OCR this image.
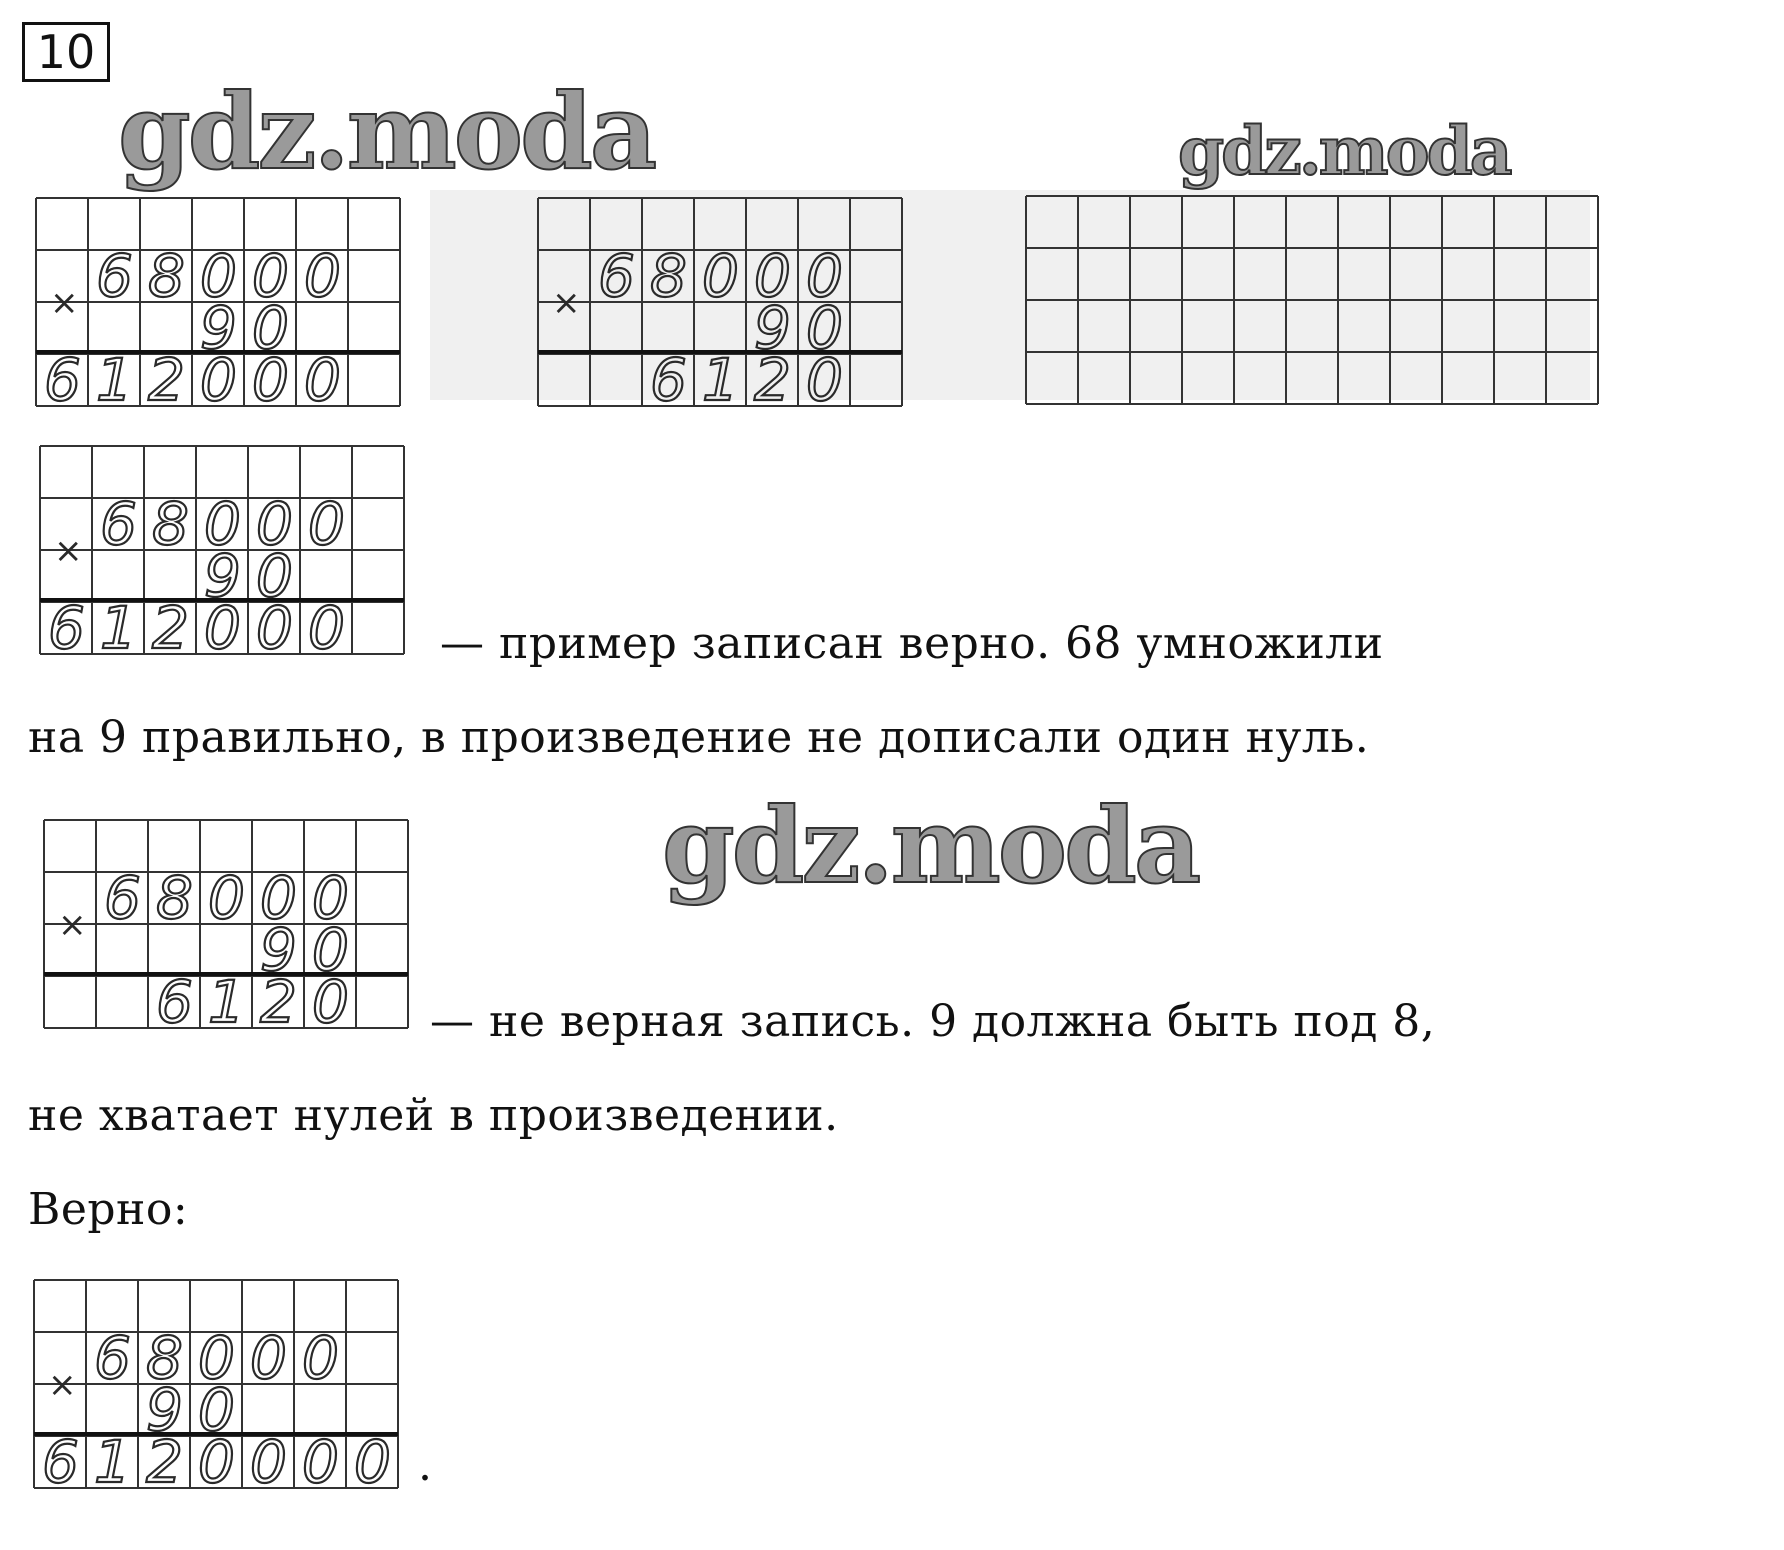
10
gdz.moda	gdz.moda
× 6 8 0 0 0
9 0
6 1 2 0 0 0
× 6 8 0 0 0
9 0
6 1 2 0
× 6 8 0 0 0
9 0
6 1 2 0 0 0 — пример записан верно. 68 умножили
на 9 правильно, в произведение не дописали один нуль.
gdz.moda
× 6 8 0 0 0
9 0
6 1 2 0 — не верная запись. 9 должна быть под 8,
не хватает нулей в произведении.
Верно:
× 6 8 0 0 0
9 0
6 1 2 0 0 0 0 .
